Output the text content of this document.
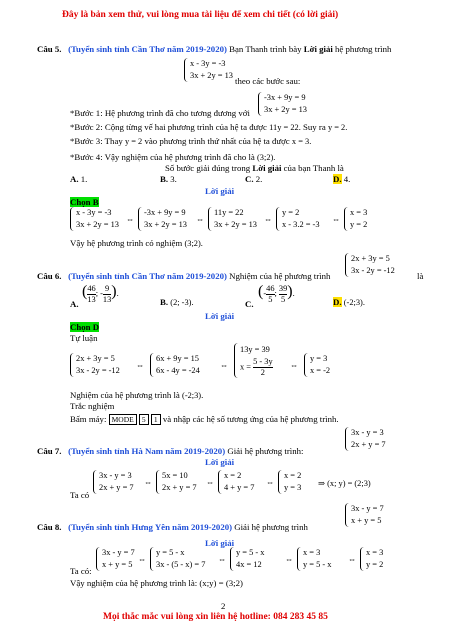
Đây là bản xem thử, vui lòng mua tài liệu để xem chi tiết (có lời giải)
Câu 5. (Tuyển sinh tỉnh Cần Thơ năm 2019-2020) Bạn Thanh trình bày Lời giải hệ phương trình
x - 3y = -3
3x + 2y = 13
theo các bước sau:
*Bước 1: Hệ phương trình đã cho tương đương với
-3x + 9y = 9
3x + 2y = 13
*Bước 2: Cộng từng vế hai phương trình của hệ ta được 11y = 22. Suy ra y = 2.
*Bước 3: Thay y = 2 vào phương trình thứ nhất của hệ ta được x = 3.
*Bước 4: Vậy nghiệm của hệ phương trình đã cho là (3;2).
Số bước giải đúng trong Lời giải của bạn Thanh là
A. 1.	B. 3.	C. 2.	D. 4.
Lời giải
Chọn B
x - 3y = -3
3x + 2y = 13
⇔
-3x + 9y = 9
3x + 2y = 13
⇔
11y = 22
3x + 2y = 13
⇔
y = 2
x - 3.2 = -3
⇔
x = 3
y = 2
Vậy hệ phương trình có nghiệm (3;2).
2x + 3y = 5
3x - 2y = -12
Câu 6. (Tuyển sinh tỉnh Cần Thơ năm 2019-2020) Nghiệm của hệ phương trình	là
A.
( 46
13; -
9
13).
B. (2; -3).	C.
(-
46
5;
39
5 ).
D. (-2;3).
Lời giải
Chọn D
Tự luận
2x + 3y = 5
3x - 2y = -12
⇔
6x + 9y = 15
6x - 4y = -24
⇔
13y = 39
x =
5 - 3y
2
⇔
y = 3
x = -2
Nghiệm của hệ phương trình là (-2;3).
Trắc nghiệm
Bấm máy: MODE 5 1 và nhập các hệ số tương ứng của hệ phương trình.
3x - y = 3
2x + y = 7
Câu 7. (Tuyển sinh tỉnh Hà Nam năm 2019-2020) Giải hệ phương trình:
Lời giải
Ta có
3x - y = 3
2x + y = 7
⇔
5x = 10
2x + y = 7
⇔
x = 2
4 + y = 7
⇔
x = 2
y = 3 ⇒ (x; y) = (2;3)
3x - y = 7
x + y = 5
Câu 8. (Tuyển sinh tỉnh Hưng Yên năm 2019-2020) Giải hệ phương trình
Lời giải
Ta có:
3x - y = 7
x + y = 5
⇔
y = 5 - x
3x - (5 - x) = 7
⇔
y = 5 - x
4x = 12
⇔
x = 3
y = 5 - x
⇔
x = 3
y = 2
Vậy nghiệm của hệ phương trình là: (x;y) = (3;2)
2
Mọi thắc mắc vui lòng xin liên hệ hotline: 084 283 45 85
